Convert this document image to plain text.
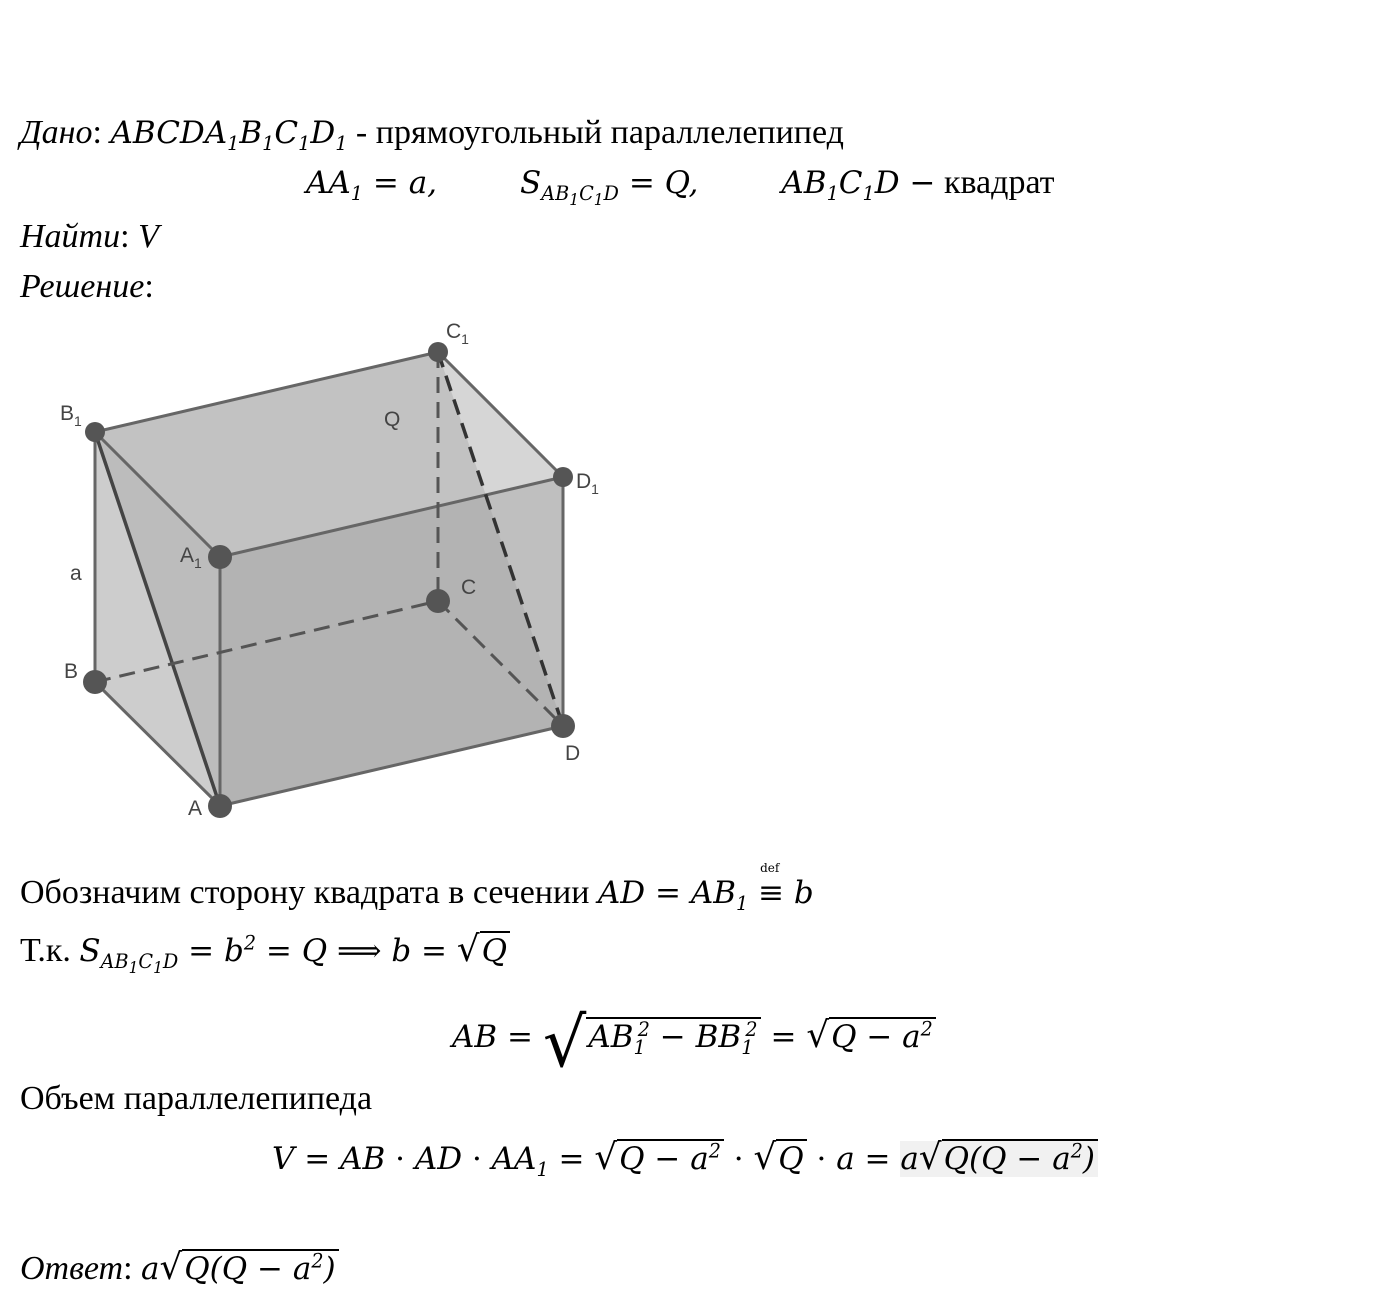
Дано: $ABCDA_1B_1C_1D_1$ - прямоугольный параллелепипед
$AA_1 = a$,	$S_{AB_1C_1D} = Q$,	$AB_1C_1D$ − квадрат
Найти: V
Решение:
A
B
C
D
$A_1$
$B_1$
$C_1$
$D_1$
a
Q
Обозначим сторону квадрата в сечении AD = $AB_1$
def
≡ b
Т.к. $S_{AB_1C_1D} = b^2 = Q$ ⟹ b = √Q
AB = $√AB_1^2 - BB_1^2 = √Q - a^2$
Объем параллелепипеда
V = AB · AD · $AA_1 = √Q - a^2 \cdot √Q \cdot a = a√Q(Q - a^2)$
Ответ: $a√Q(Q - a^2)$
